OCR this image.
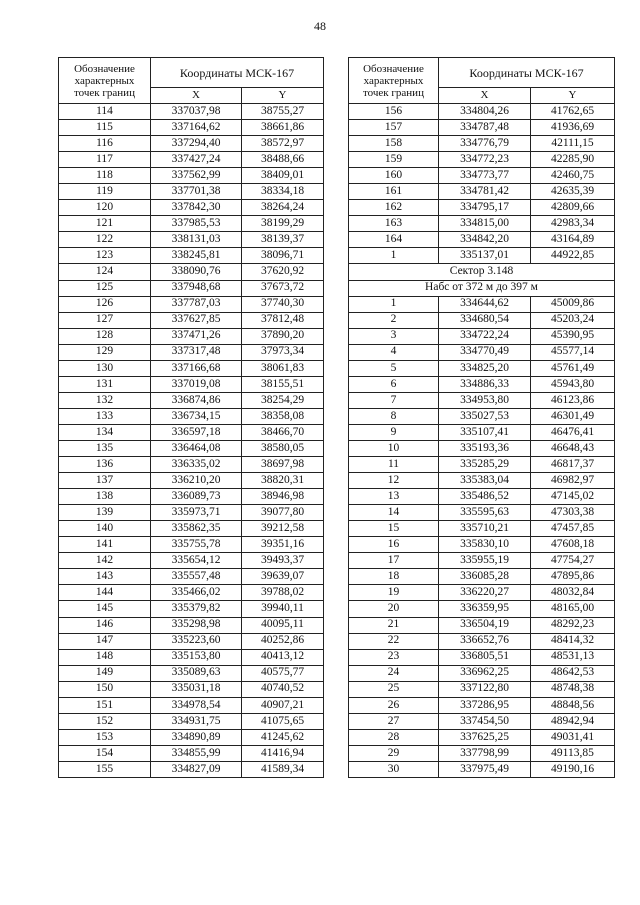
48
Обозначение характерных точек границ	Координаты МСК-167	
	X	Y
114	337037,98	38755,27
115	337164,62	38661,86
116	337294,40	38572,97
117	337427,24	38488,66
118	337562,99	38409,01
119	337701,38	38334,18
120	337842,30	38264,24
121	337985,53	38199,29
122	338131,03	38139,37
123	338245,81	38096,71
124	338090,76	37620,92
125	337948,68	37673,72
126	337787,03	37740,30
127	337627,85	37812,48
128	337471,26	37890,20
129	337317,48	37973,34
130	337166,68	38061,83
131	337019,08	38155,51
132	336874,86	38254,29
133	336734,15	38358,08
134	336597,18	38466,70
135	336464,08	38580,05
136	336335,02	38697,98
137	336210,20	38820,31
138	336089,73	38946,98
139	335973,71	39077,80
140	335862,35	39212,58
141	335755,78	39351,16
142	335654,12	39493,37
143	335557,48	39639,07
144	335466,02	39788,02
145	335379,82	39940,11
146	335298,98	40095,11
147	335223,60	40252,86
148	335153,80	40413,12
149	335089,63	40575,77
150	335031,18	40740,52
151	334978,54	40907,21
152	334931,75	41075,65
153	334890,89	41245,62
154	334855,99	41416,94
155	334827,09	41589,34
Обозначение характерных точек границ	Координаты МСК-167	
	X	Y
156	334804,26	41762,65
157	334787,48	41936,69
158	334776,79	42111,15
159	334772,23	42285,90
160	334773,77	42460,75
161	334781,42	42635,39
162	334795,17	42809,66
163	334815,00	42983,34
164	334842,20	43164,89
1	335137,01	44922,85
Сектор 3.148		
Набс от 372 м до 397 м		
1	334644,62	45009,86
2	334680,54	45203,24
3	334722,24	45390,95
4	334770,49	45577,14
5	334825,20	45761,49
6	334886,33	45943,80
7	334953,80	46123,86
8	335027,53	46301,49
9	335107,41	46476,41
10	335193,36	46648,43
11	335285,29	46817,37
12	335383,04	46982,97
13	335486,52	47145,02
14	335595,63	47303,38
15	335710,21	47457,85
16	335830,10	47608,18
17	335955,19	47754,27
18	336085,28	47895,86
19	336220,27	48032,84
20	336359,95	48165,00
21	336504,19	48292,23
22	336652,76	48414,32
23	336805,51	48531,13
24	336962,25	48642,53
25	337122,80	48748,38
26	337286,95	48848,56
27	337454,50	48942,94
28	337625,25	49031,41
29	337798,99	49113,85
30	337975,49	49190,16
